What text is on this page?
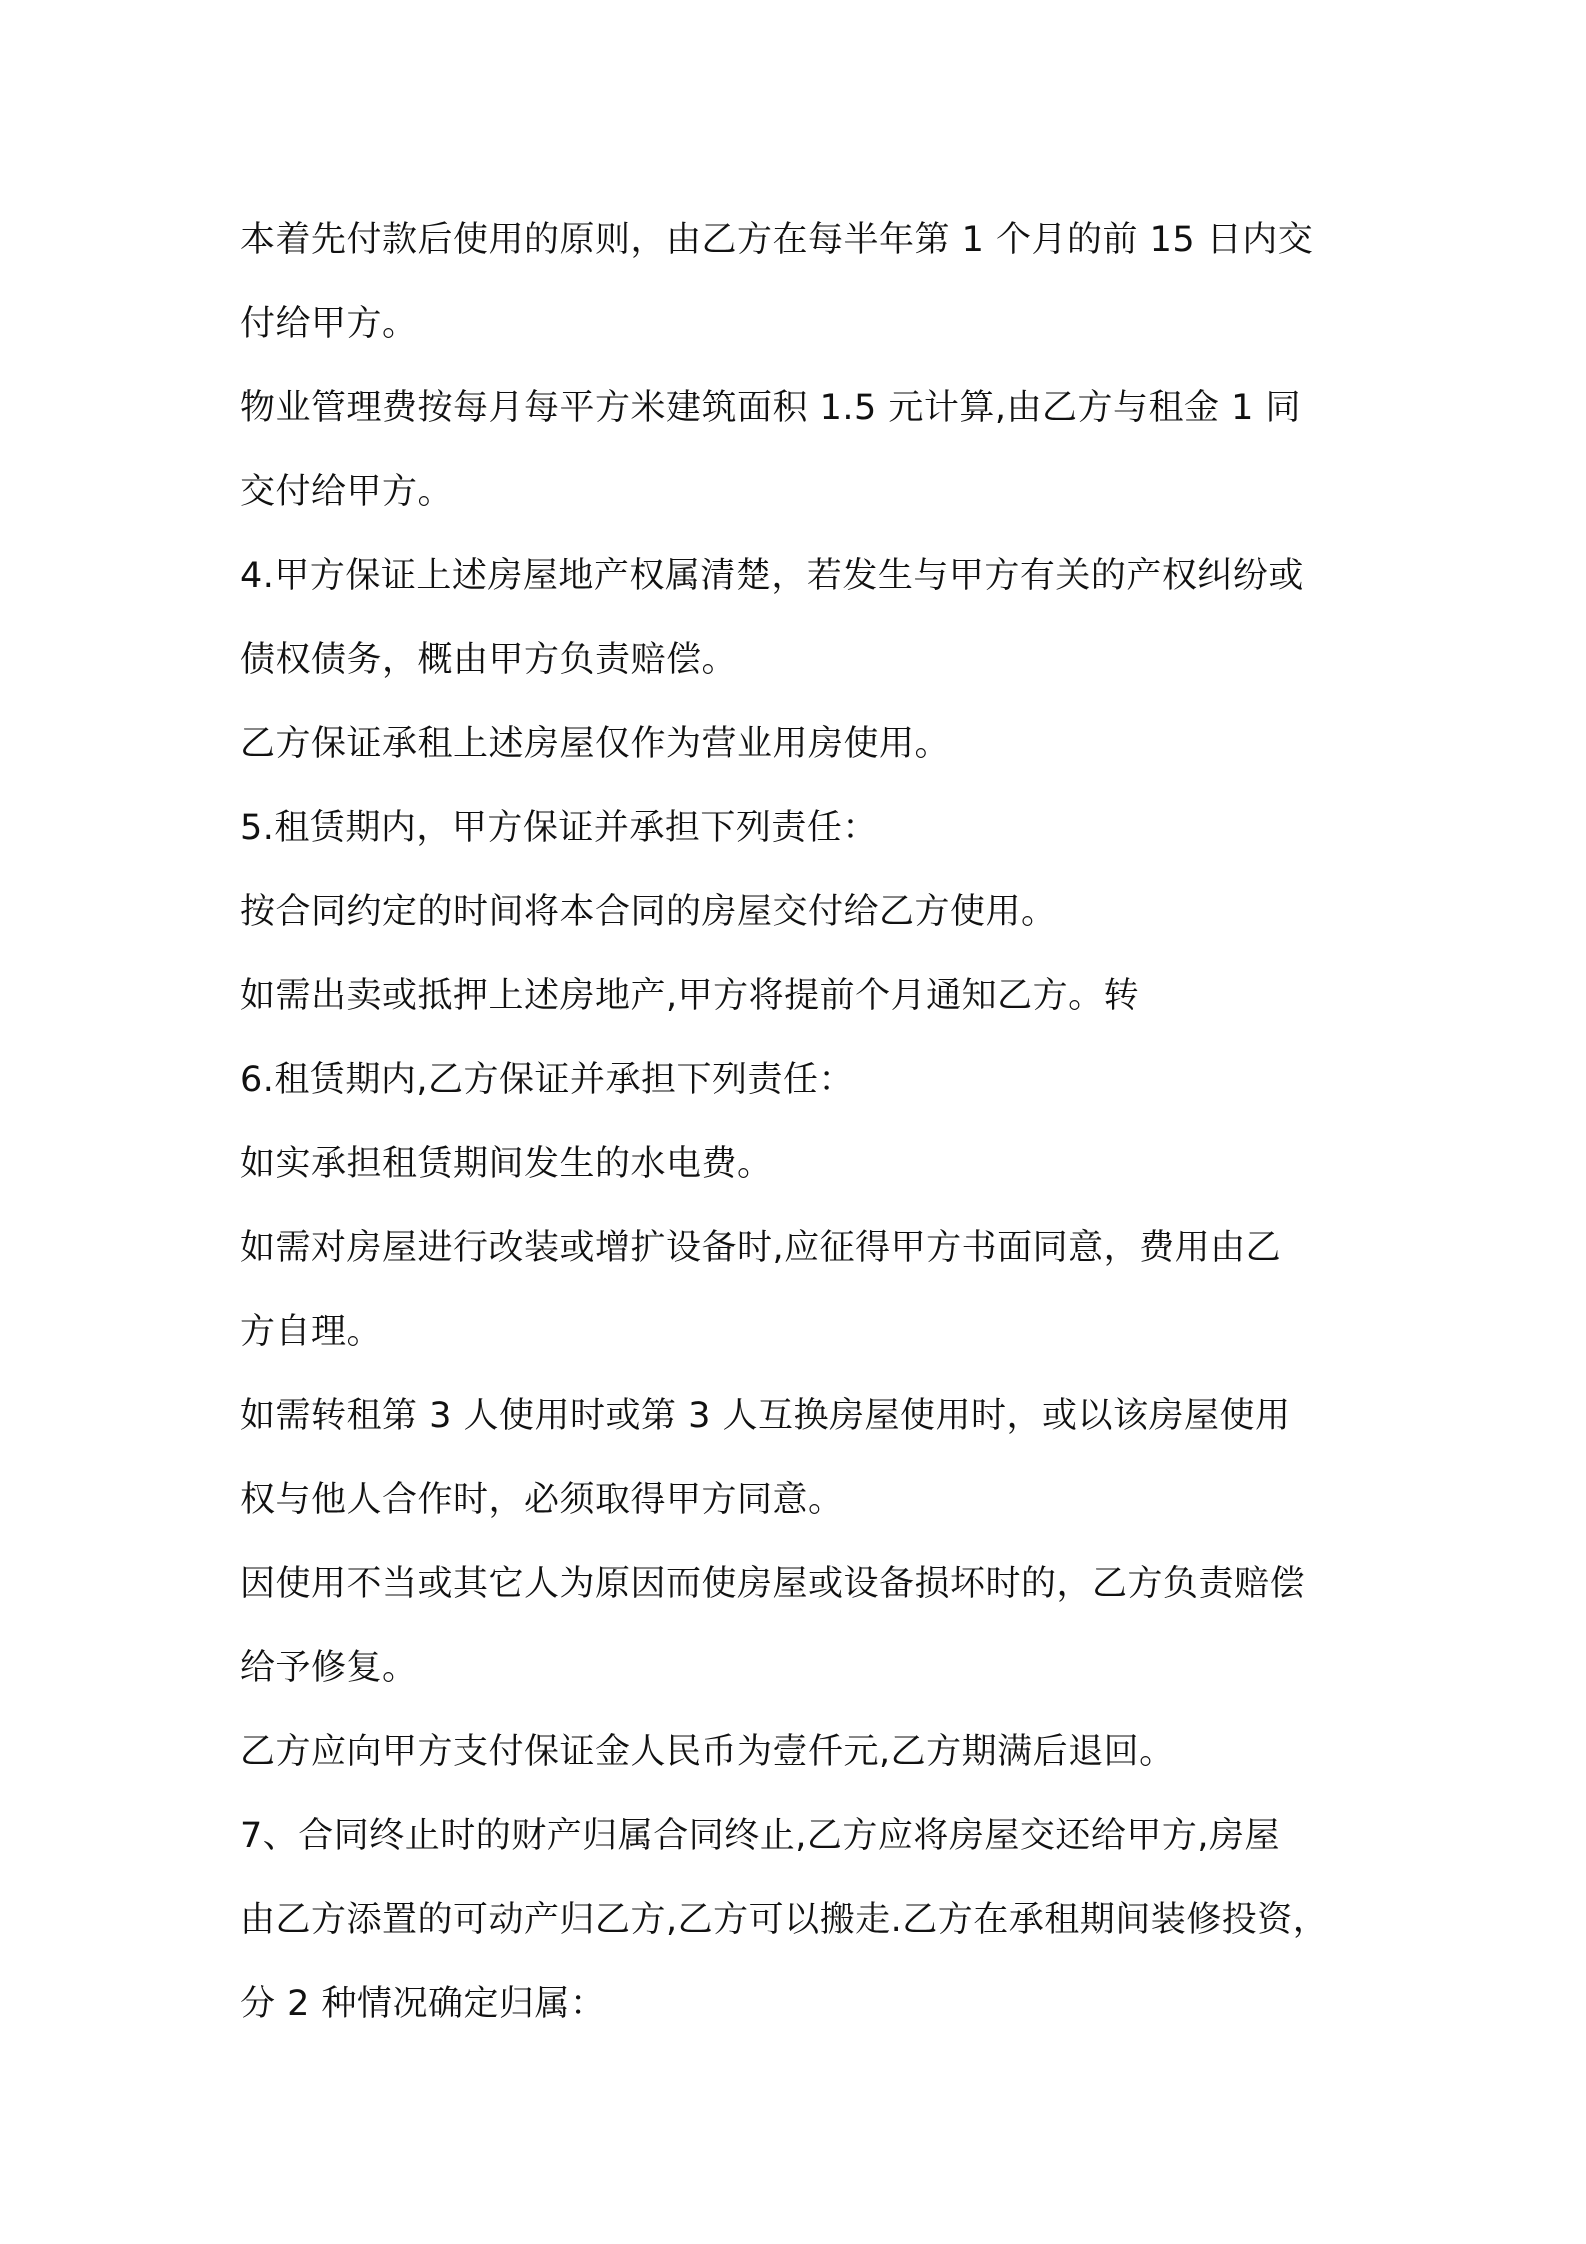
本着先付款后使用的原则，由乙方在每半年第 1 个月的前 15 日内交
付给甲方。
物业管理费按每月每平方米建筑面积 1.5 元计算,由乙方与租金 1 同
交付给甲方。
4.甲方保证上述房屋地产权属清楚，若发生与甲方有关的产权纠纷或
债权债务，概由甲方负责赔偿。
乙方保证承租上述房屋仅作为营业用房使用。
5.租赁期内，甲方保证并承担下列责任：
按合同约定的时间将本合同的房屋交付给乙方使用。
如需出卖或抵押上述房地产,甲方将提前个月通知乙方。转
6.租赁期内,乙方保证并承担下列责任：
如实承担租赁期间发生的水电费。
如需对房屋进行改装或增扩设备时,应征得甲方书面同意，费用由乙
方自理。
如需转租第 3 人使用时或第 3 人互换房屋使用时，或以该房屋使用
权与他人合作时，必须取得甲方同意。
因使用不当或其它人为原因而使房屋或设备损坏时的，乙方负责赔偿
给予修复。
乙方应向甲方支付保证金人民币为壹仟元,乙方期满后退回。
7、合同终止时的财产归属合同终止,乙方应将房屋交还给甲方,房屋
由乙方添置的可动产归乙方,乙方可以搬走.乙方在承租期间装修投资，
分 2 种情况确定归属：
